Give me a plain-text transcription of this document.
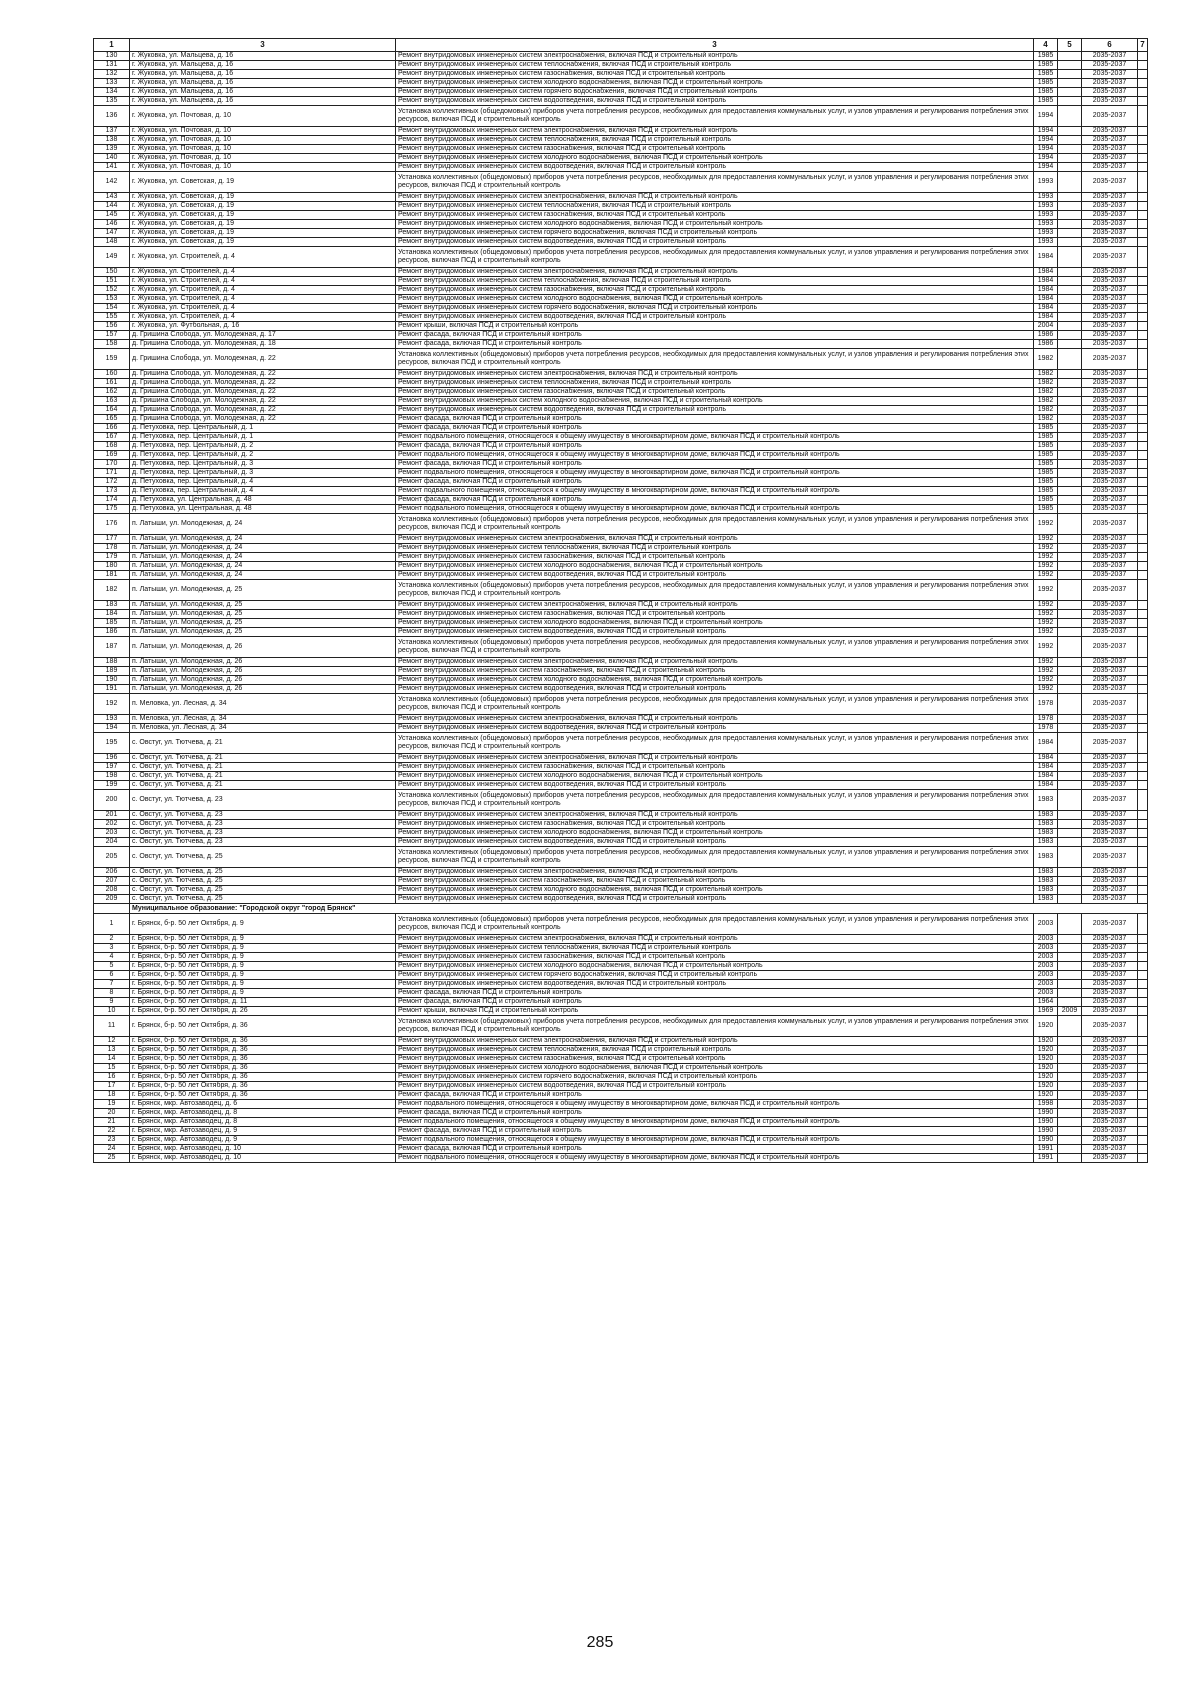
1	3	3	4	5	6	7
130	г. Жуковка, ул. Мальцева, д. 16	Ремонт внутридомовых инженерных систем электроснабжения, включая ПСД и строительный контроль	1985		2035-2037	
131	г. Жуковка, ул. Мальцева, д. 16	Ремонт внутридомовых инженерных систем теплоснабжения, включая ПСД и строительный контроль	1985		2035-2037	
132	г. Жуковка, ул. Мальцева, д. 16	Ремонт внутридомовых инженерных систем газоснабжения, включая ПСД и строительный контроль	1985		2035-2037	
133	г. Жуковка, ул. Мальцева, д. 16	Ремонт внутридомовых инженерных систем холодного водоснабжения, включая ПСД и строительный контроль	1985		2035-2037	
134	г. Жуковка, ул. Мальцева, д. 16	Ремонт внутридомовых инженерных систем горячего водоснабжения, включая ПСД и строительный контроль	1985		2035-2037	
135	г. Жуковка, ул. Мальцева, д. 16	Ремонт внутридомовых инженерных систем водоотведения, включая ПСД и строительный контроль	1985		2035-2037	
136	г. Жуковка, ул. Почтовая, д. 10	Установка коллективных (общедомовых) приборов учета потребления ресурсов, необходимых для предоставления коммунальных услуг, и узлов управления и регулирования потребления этих ресурсов, включая ПСД и строительный контроль	1994		2035-2037	
137	г. Жуковка, ул. Почтовая, д. 10	Ремонт внутридомовых инженерных систем электроснабжения, включая ПСД и строительный контроль	1994		2035-2037	
138	г. Жуковка, ул. Почтовая, д. 10	Ремонт внутридомовых инженерных систем теплоснабжения, включая ПСД и строительный контроль	1994		2035-2037	
139	г. Жуковка, ул. Почтовая, д. 10	Ремонт внутридомовых инженерных систем газоснабжения, включая ПСД и строительный контроль	1994		2035-2037	
140	г. Жуковка, ул. Почтовая, д. 10	Ремонт внутридомовых инженерных систем холодного водоснабжения, включая ПСД и строительный контроль	1994		2035-2037	
141	г. Жуковка, ул. Почтовая, д. 10	Ремонт внутридомовых инженерных систем водоотведения, включая ПСД и строительный контроль	1994		2035-2037	
142	г. Жуковка, ул. Советская, д. 19	Установка коллективных (общедомовых) приборов учета потребления ресурсов, необходимых для предоставления коммунальных услуг, и узлов управления и регулирования потребления этих ресурсов, включая ПСД и строительный контроль	1993		2035-2037	
143	г. Жуковка, ул. Советская, д. 19	Ремонт внутридомовых инженерных систем электроснабжения, включая ПСД и строительный контроль	1993		2035-2037	
144	г. Жуковка, ул. Советская, д. 19	Ремонт внутридомовых инженерных систем теплоснабжения, включая ПСД и строительный контроль	1993		2035-2037	
145	г. Жуковка, ул. Советская, д. 19	Ремонт внутридомовых инженерных систем газоснабжения, включая ПСД и строительный контроль	1993		2035-2037	
146	г. Жуковка, ул. Советская, д. 19	Ремонт внутридомовых инженерных систем холодного водоснабжения, включая ПСД и строительный контроль	1993		2035-2037	
147	г. Жуковка, ул. Советская, д. 19	Ремонт внутридомовых инженерных систем горячего водоснабжения, включая ПСД и строительный контроль	1993		2035-2037	
148	г. Жуковка, ул. Советская, д. 19	Ремонт внутридомовых инженерных систем водоотведения, включая ПСД и строительный контроль	1993		2035-2037	
149	г. Жуковка, ул. Строителей, д. 4	Установка коллективных (общедомовых) приборов учета потребления ресурсов, необходимых для предоставления коммунальных услуг, и узлов управления и регулирования потребления этих ресурсов, включая ПСД и строительный контроль	1984		2035-2037	
150	г. Жуковка, ул. Строителей, д. 4	Ремонт внутридомовых инженерных систем электроснабжения, включая ПСД и строительный контроль	1984		2035-2037	
151	г. Жуковка, ул. Строителей, д. 4	Ремонт внутридомовых инженерных систем теплоснабжения, включая ПСД и строительный контроль	1984		2035-2037	
152	г. Жуковка, ул. Строителей, д. 4	Ремонт внутридомовых инженерных систем газоснабжения, включая ПСД и строительный контроль	1984		2035-2037	
153	г. Жуковка, ул. Строителей, д. 4	Ремонт внутридомовых инженерных систем холодного водоснабжения, включая ПСД и строительный контроль	1984		2035-2037	
154	г. Жуковка, ул. Строителей, д. 4	Ремонт внутридомовых инженерных систем горячего водоснабжения, включая ПСД и строительный контроль	1984		2035-2037	
155	г. Жуковка, ул. Строителей, д. 4	Ремонт внутридомовых инженерных систем водоотведения, включая ПСД и строительный контроль	1984		2035-2037	
156	г. Жуковка, ул. Футбольная, д. 16	Ремонт крыши, включая ПСД и строительный контроль	2004		2035-2037	
157	д. Гришина Слобода, ул. Молодежная, д. 17	Ремонт фасада, включая ПСД и строительный контроль	1986		2035-2037	
158	д. Гришина Слобода, ул. Молодежная, д. 18	Ремонт фасада, включая ПСД и строительный контроль	1986		2035-2037	
159	д. Гришина Слобода, ул. Молодежная, д. 22	Установка коллективных (общедомовых) приборов учета потребления ресурсов, необходимых для предоставления коммунальных услуг, и узлов управления и регулирования потребления этих ресурсов, включая ПСД и строительный контроль	1982		2035-2037	
160	д. Гришина Слобода, ул. Молодежная, д. 22	Ремонт внутридомовых инженерных систем электроснабжения, включая ПСД и строительный контроль	1982		2035-2037	
161	д. Гришина Слобода, ул. Молодежная, д. 22	Ремонт внутридомовых инженерных систем теплоснабжения, включая ПСД и строительный контроль	1982		2035-2037	
162	д. Гришина Слобода, ул. Молодежная, д. 22	Ремонт внутридомовых инженерных систем газоснабжения, включая ПСД и строительный контроль	1982		2035-2037	
163	д. Гришина Слобода, ул. Молодежная, д. 22	Ремонт внутридомовых инженерных систем холодного водоснабжения, включая ПСД и строительный контроль	1982		2035-2037	
164	д. Гришина Слобода, ул. Молодежная, д. 22	Ремонт внутридомовых инженерных систем водоотведения, включая ПСД и строительный контроль	1982		2035-2037	
165	д. Гришина Слобода, ул. Молодежная, д. 22	Ремонт фасада, включая ПСД и строительный контроль	1982		2035-2037	
166	д. Петуховка, пер. Центральный, д. 1	Ремонт фасада, включая ПСД и строительный контроль	1985		2035-2037	
167	д. Петуховка, пер. Центральный, д. 1	Ремонт подвального помещения, относящегося к общему имуществу в многоквартирном доме, включая ПСД и строительный контроль	1985		2035-2037	
168	д. Петуховка, пер. Центральный, д. 2	Ремонт фасада, включая ПСД и строительный контроль	1985		2035-2037	
169	д. Петуховка, пер. Центральный, д. 2	Ремонт подвального помещения, относящегося к общему имуществу в многоквартирном доме, включая ПСД и строительный контроль	1985		2035-2037	
170	д. Петуховка, пер. Центральный, д. 3	Ремонт фасада, включая ПСД и строительный контроль	1985		2035-2037	
171	д. Петуховка, пер. Центральный, д. 3	Ремонт подвального помещения, относящегося к общему имуществу в многоквартирном доме, включая ПСД и строительный контроль	1985		2035-2037	
172	д. Петуховка, пер. Центральный, д. 4	Ремонт фасада, включая ПСД и строительный контроль	1985		2035-2037	
173	д. Петуховка, пер. Центральный, д. 4	Ремонт подвального помещения, относящегося к общему имуществу в многоквартирном доме, включая ПСД и строительный контроль	1985		2035-2037	
174	д. Петуховка, ул. Центральная, д. 48	Ремонт фасада, включая ПСД и строительный контроль	1985		2035-2037	
175	д. Петуховка, ул. Центральная, д. 48	Ремонт подвального помещения, относящегося к общему имуществу в многоквартирном доме, включая ПСД и строительный контроль	1985		2035-2037	
176	п. Латыши, ул. Молодежная, д. 24	Установка коллективных (общедомовых) приборов учета потребления ресурсов, необходимых для предоставления коммунальных услуг, и узлов управления и регулирования потребления этих ресурсов, включая ПСД и строительный контроль	1992		2035-2037	
177	п. Латыши, ул. Молодежная, д. 24	Ремонт внутридомовых инженерных систем электроснабжения, включая ПСД и строительный контроль	1992		2035-2037	
178	п. Латыши, ул. Молодежная, д. 24	Ремонт внутридомовых инженерных систем теплоснабжения, включая ПСД и строительный контроль	1992		2035-2037	
179	п. Латыши, ул. Молодежная, д. 24	Ремонт внутридомовых инженерных систем газоснабжения, включая ПСД и строительный контроль	1992		2035-2037	
180	п. Латыши, ул. Молодежная, д. 24	Ремонт внутридомовых инженерных систем холодного водоснабжения, включая ПСД и строительный контроль	1992		2035-2037	
181	п. Латыши, ул. Молодежная, д. 24	Ремонт внутридомовых инженерных систем водоотведения, включая ПСД и строительный контроль	1992		2035-2037	
182	п. Латыши, ул. Молодежная, д. 25	Установка коллективных (общедомовых) приборов учета потребления ресурсов, необходимых для предоставления коммунальных услуг, и узлов управления и регулирования потребления этих ресурсов, включая ПСД и строительный контроль	1992		2035-2037	
183	п. Латыши, ул. Молодежная, д. 25	Ремонт внутридомовых инженерных систем электроснабжения, включая ПСД и строительный контроль	1992		2035-2037	
184	п. Латыши, ул. Молодежная, д. 25	Ремонт внутридомовых инженерных систем газоснабжения, включая ПСД и строительный контроль	1992		2035-2037	
185	п. Латыши, ул. Молодежная, д. 25	Ремонт внутридомовых инженерных систем холодного водоснабжения, включая ПСД и строительный контроль	1992		2035-2037	
186	п. Латыши, ул. Молодежная, д. 25	Ремонт внутридомовых инженерных систем водоотведения, включая ПСД и строительный контроль	1992		2035-2037	
187	п. Латыши, ул. Молодежная, д. 26	Установка коллективных (общедомовых) приборов учета потребления ресурсов, необходимых для предоставления коммунальных услуг, и узлов управления и регулирования потребления этих ресурсов, включая ПСД и строительный контроль	1992		2035-2037	
188	п. Латыши, ул. Молодежная, д. 26	Ремонт внутридомовых инженерных систем электроснабжения, включая ПСД и строительный контроль	1992		2035-2037	
189	п. Латыши, ул. Молодежная, д. 26	Ремонт внутридомовых инженерных систем газоснабжения, включая ПСД и строительный контроль	1992		2035-2037	
190	п. Латыши, ул. Молодежная, д. 26	Ремонт внутридомовых инженерных систем холодного водоснабжения, включая ПСД и строительный контроль	1992		2035-2037	
191	п. Латыши, ул. Молодежная, д. 26	Ремонт внутридомовых инженерных систем водоотведения, включая ПСД и строительный контроль	1992		2035-2037	
192	п. Меловка, ул. Лесная, д. 34	Установка коллективных (общедомовых) приборов учета потребления ресурсов, необходимых для предоставления коммунальных услуг, и узлов управления и регулирования потребления этих ресурсов, включая ПСД и строительный контроль	1978		2035-2037	
193	п. Меловка, ул. Лесная, д. 34	Ремонт внутридомовых инженерных систем электроснабжения, включая ПСД и строительный контроль	1978		2035-2037	
194	п. Меловка, ул. Лесная, д. 34	Ремонт внутридомовых инженерных систем водоотведения, включая ПСД и строительный контроль	1978		2035-2037	
195	с. Овстуг, ул. Тютчева, д. 21	Установка коллективных (общедомовых) приборов учета потребления ресурсов, необходимых для предоставления коммунальных услуг, и узлов управления и регулирования потребления этих ресурсов, включая ПСД и строительный контроль	1984		2035-2037	
196	с. Овстуг, ул. Тютчева, д. 21	Ремонт внутридомовых инженерных систем электроснабжения, включая ПСД и строительный контроль	1984		2035-2037	
197	с. Овстуг, ул. Тютчева, д. 21	Ремонт внутридомовых инженерных систем газоснабжения, включая ПСД и строительный контроль	1984		2035-2037	
198	с. Овстуг, ул. Тютчева, д. 21	Ремонт внутридомовых инженерных систем холодного водоснабжения, включая ПСД и строительный контроль	1984		2035-2037	
199	с. Овстуг, ул. Тютчева, д. 21	Ремонт внутридомовых инженерных систем водоотведения, включая ПСД и строительный контроль	1984		2035-2037	
200	с. Овстуг, ул. Тютчева, д. 23	Установка коллективных (общедомовых) приборов учета потребления ресурсов, необходимых для предоставления коммунальных услуг, и узлов управления и регулирования потребления этих ресурсов, включая ПСД и строительный контроль	1983		2035-2037	
201	с. Овстуг, ул. Тютчева, д. 23	Ремонт внутридомовых инженерных систем электроснабжения, включая ПСД и строительный контроль	1983		2035-2037	
202	с. Овстуг, ул. Тютчева, д. 23	Ремонт внутридомовых инженерных систем газоснабжения, включая ПСД и строительный контроль	1983		2035-2037	
203	с. Овстуг, ул. Тютчева, д. 23	Ремонт внутридомовых инженерных систем холодного водоснабжения, включая ПСД и строительный контроль	1983		2035-2037	
204	с. Овстуг, ул. Тютчева, д. 23	Ремонт внутридомовых инженерных систем водоотведения, включая ПСД и строительный контроль	1983		2035-2037	
205	с. Овстуг, ул. Тютчева, д. 25	Установка коллективных (общедомовых) приборов учета потребления ресурсов, необходимых для предоставления коммунальных услуг, и узлов управления и регулирования потребления этих ресурсов, включая ПСД и строительный контроль	1983		2035-2037	
206	с. Овстуг, ул. Тютчева, д. 25	Ремонт внутридомовых инженерных систем электроснабжения, включая ПСД и строительный контроль	1983		2035-2037	
207	с. Овстуг, ул. Тютчева, д. 25	Ремонт внутридомовых инженерных систем газоснабжения, включая ПСД и строительный контроль	1983		2035-2037	
208	с. Овстуг, ул. Тютчева, д. 25	Ремонт внутридомовых инженерных систем холодного водоснабжения, включая ПСД и строительный контроль	1983		2035-2037	
209	с. Овстуг, ул. Тютчева, д. 25	Ремонт внутридомовых инженерных систем водоотведения, включая ПСД и строительный контроль	1983		2035-2037	
	Муниципальное образование: "Городской округ "город Брянск"					
1	г. Брянск, б-р. 50 лет Октября, д. 9	Установка коллективных (общедомовых) приборов учета потребления ресурсов, необходимых для предоставления коммунальных услуг, и узлов управления и регулирования потребления этих ресурсов, включая ПСД и строительный контроль	2003		2035-2037	
2	г. Брянск, б-р. 50 лет Октября, д. 9	Ремонт внутридомовых инженерных систем электроснабжения, включая ПСД и строительный контроль	2003		2035-2037	
3	г. Брянск, б-р. 50 лет Октября, д. 9	Ремонт внутридомовых инженерных систем теплоснабжения, включая ПСД и строительный контроль	2003		2035-2037	
4	г. Брянск, б-р. 50 лет Октября, д. 9	Ремонт внутридомовых инженерных систем газоснабжения, включая ПСД и строительный контроль	2003		2035-2037	
5	г. Брянск, б-р. 50 лет Октября, д. 9	Ремонт внутридомовых инженерных систем холодного водоснабжения, включая ПСД и строительный контроль	2003		2035-2037	
6	г. Брянск, б-р. 50 лет Октября, д. 9	Ремонт внутридомовых инженерных систем горячего водоснабжения, включая ПСД и строительный контроль	2003		2035-2037	
7	г. Брянск, б-р. 50 лет Октября, д. 9	Ремонт внутридомовых инженерных систем водоотведения, включая ПСД и строительный контроль	2003		2035-2037	
8	г. Брянск, б-р. 50 лет Октября, д. 9	Ремонт фасада, включая ПСД и строительный контроль	2003		2035-2037	
9	г. Брянск, б-р. 50 лет Октября, д. 11	Ремонт фасада, включая ПСД и строительный контроль	1964		2035-2037	
10	г. Брянск, б-р. 50 лет Октября, д. 26	Ремонт крыши, включая ПСД и строительный контроль	1969	2009	2035-2037	
11	г. Брянск, б-р. 50 лет Октября, д. 36	Установка коллективных (общедомовых) приборов учета потребления ресурсов, необходимых для предоставления коммунальных услуг, и узлов управления и регулирования потребления этих ресурсов, включая ПСД и строительный контроль	1920		2035-2037	
12	г. Брянск, б-р. 50 лет Октября, д. 36	Ремонт внутридомовых инженерных систем электроснабжения, включая ПСД и строительный контроль	1920		2035-2037	
13	г. Брянск, б-р. 50 лет Октября, д. 36	Ремонт внутридомовых инженерных систем теплоснабжения, включая ПСД и строительный контроль	1920		2035-2037	
14	г. Брянск, б-р. 50 лет Октября, д. 36	Ремонт внутридомовых инженерных систем газоснабжения, включая ПСД и строительный контроль	1920		2035-2037	
15	г. Брянск, б-р. 50 лет Октября, д. 36	Ремонт внутридомовых инженерных систем холодного водоснабжения, включая ПСД и строительный контроль	1920		2035-2037	
16	г. Брянск, б-р. 50 лет Октября, д. 36	Ремонт внутридомовых инженерных систем горячего водоснабжения, включая ПСД и строительный контроль	1920		2035-2037	
17	г. Брянск, б-р. 50 лет Октября, д. 36	Ремонт внутридомовых инженерных систем водоотведения, включая ПСД и строительный контроль	1920		2035-2037	
18	г. Брянск, б-р. 50 лет Октября, д. 36	Ремонт фасада, включая ПСД и строительный контроль	1920		2035-2037	
19	г. Брянск, мкр. Автозаводец, д. 6	Ремонт подвального помещения, относящегося к общему имуществу в многоквартирном доме, включая ПСД и строительный контроль	1998		2035-2037	
20	г. Брянск, мкр. Автозаводец, д. 8	Ремонт фасада, включая ПСД и строительный контроль	1990		2035-2037	
21	г. Брянск, мкр. Автозаводец, д. 8	Ремонт подвального помещения, относящегося к общему имуществу в многоквартирном доме, включая ПСД и строительный контроль	1990		2035-2037	
22	г. Брянск, мкр. Автозаводец, д. 9	Ремонт фасада, включая ПСД и строительный контроль	1990		2035-2037	
23	г. Брянск, мкр. Автозаводец, д. 9	Ремонт подвального помещения, относящегося к общему имуществу в многоквартирном доме, включая ПСД и строительный контроль	1990		2035-2037	
24	г. Брянск, мкр. Автозаводец, д. 10	Ремонт фасада, включая ПСД и строительный контроль	1991		2035-2037	
25	г. Брянск, мкр. Автозаводец, д. 10	Ремонт подвального помещения, относящегося к общему имуществу в многоквартирном доме, включая ПСД и строительный контроль	1991		2035-2037	
285
